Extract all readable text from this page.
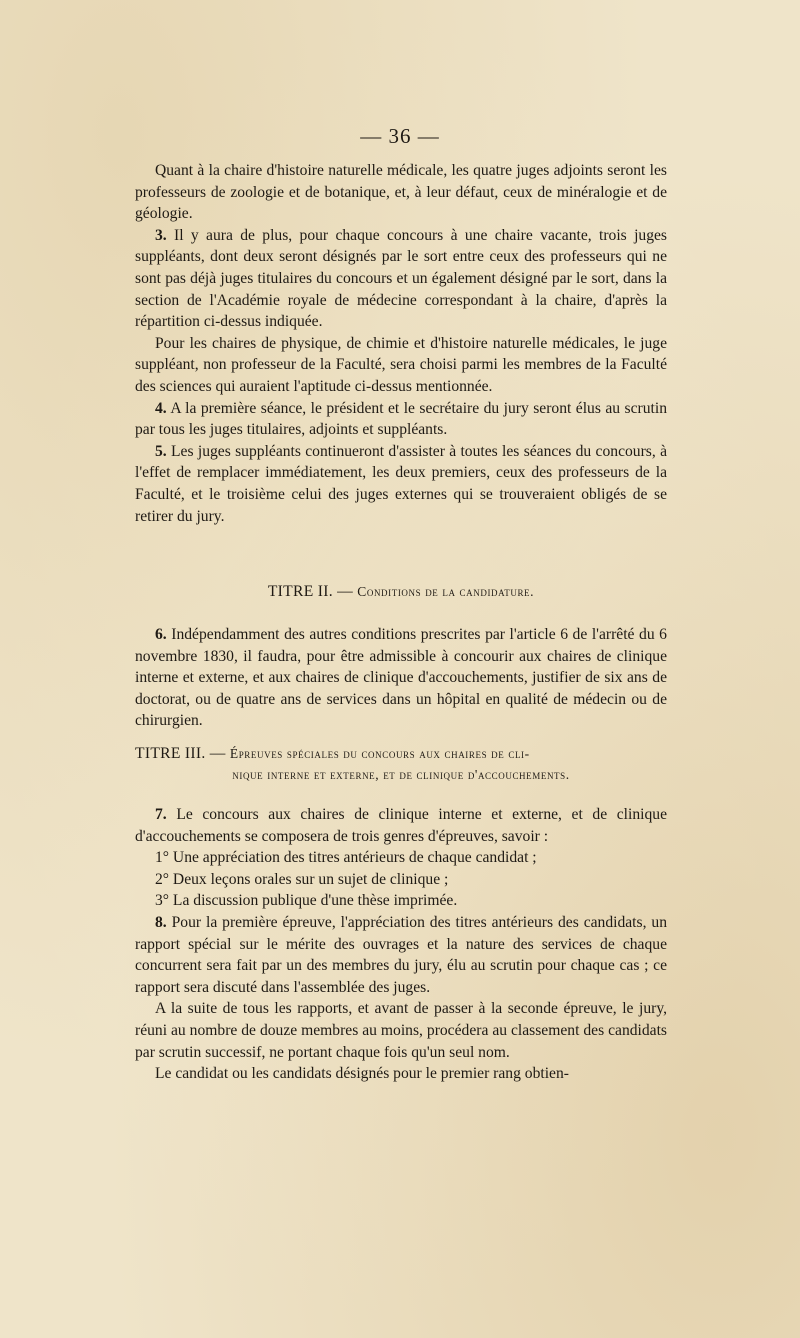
— 36 —

Quant à la chaire d'histoire naturelle médicale, les quatre juges adjoints seront les professeurs de zoologie et de botanique, et, à leur défaut, ceux de minéralogie et de géologie.

3. Il y aura de plus, pour chaque concours à une chaire vacante, trois juges suppléants, dont deux seront désignés par le sort entre ceux des professeurs qui ne sont pas déjà juges titulaires du concours et un également désigné par le sort, dans la section de l'Académie royale de médecine correspondant à la chaire, d'après la répartition ci-dessus indiquée.

Pour les chaires de physique, de chimie et d'histoire naturelle médicales, le juge suppléant, non professeur de la Faculté, sera choisi parmi les membres de la Faculté des sciences qui auraient l'aptitude ci-dessus mentionnée.

4. A la première séance, le président et le secrétaire du jury seront élus au scrutin par tous les juges titulaires, adjoints et suppléants.

5. Les juges suppléants continueront d'assister à toutes les séances du concours, à l'effet de remplacer immédiatement, les deux premiers, ceux des professeurs de la Faculté, et le troisième celui des juges externes qui se trouveraient obligés de se retirer du jury.

TITRE II. — Conditions de la candidature.

6. Indépendamment des autres conditions prescrites par l'article 6 de l'arrêté du 6 novembre 1830, il faudra, pour être admissible à concourir aux chaires de clinique interne et externe, et aux chaires de clinique d'accouchements, justifier de six ans de doctorat, ou de quatre ans de services dans un hôpital en qualité de médecin ou de chirurgien.

TITRE III. — Épreuves spéciales du concours aux chaires de cli-
nique interne et externe, et de clinique d'accouchements.

7. Le concours aux chaires de clinique interne et externe, et de clinique d'accouchements se composera de trois genres d'épreuves, savoir :

1° Une appréciation des titres antérieurs de chaque candidat ;

2° Deux leçons orales sur un sujet de clinique ;

3° La discussion publique d'une thèse imprimée.

8. Pour la première épreuve, l'appréciation des titres antérieurs des candidats, un rapport spécial sur le mérite des ouvrages et la nature des services de chaque concurrent sera fait par un des membres du jury, élu au scrutin pour chaque cas ; ce rapport sera discuté dans l'assemblée des juges.

A la suite de tous les rapports, et avant de passer à la seconde épreuve, le jury, réuni au nombre de douze membres au moins, procédera au classement des candidats par scrutin successif, ne portant chaque fois qu'un seul nom.

Le candidat ou les candidats désignés pour le premier rang obtien-
